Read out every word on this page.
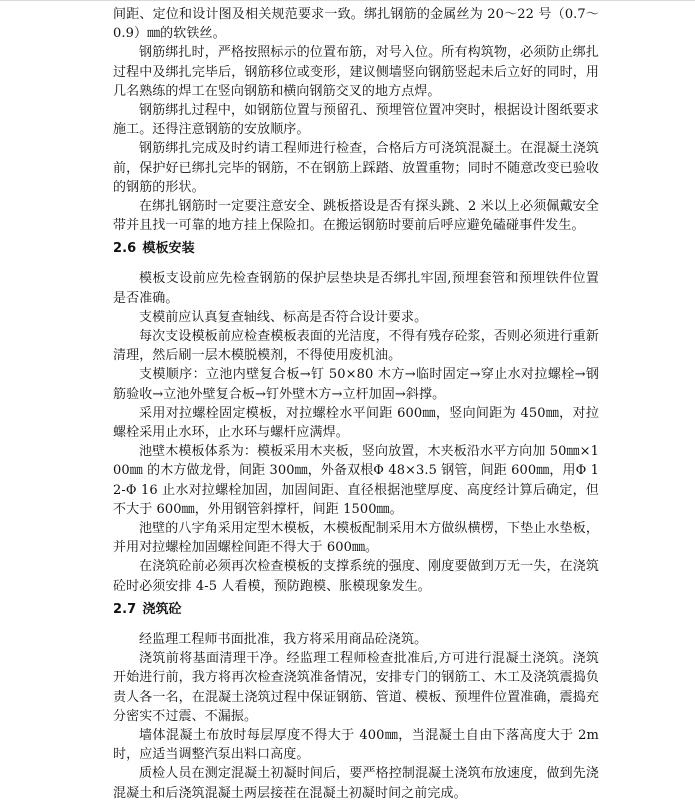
间距、定位和设计图及相关规范要求一致。绑扎钢筋的金属丝为 20～22 号（0.7～0.9）㎜的软铁丝。

钢筋绑扎时，严格按照标示的位置布筋，对号入位。所有构筑物，必须防止绑扎过程中及绑扎完毕后，钢筋移位或变形，建议侧墙竖向钢筋竖起未后立好的同时，用几名熟练的焊工在竖向钢筋和横向钢筋交叉的地方点焊。

钢筋绑扎过程中，如钢筋位置与预留孔、预埋管位置冲突时，根据设计图纸要求施工。还得注意钢筋的安放顺序。

钢筋绑扎完成及时约请工程师进行检查，合格后方可浇筑混凝土。在混凝土浇筑前，保护好已绑扎完毕的钢筋，不在钢筋上踩踏、放置重物；同时不随意改变已验收的钢筋的形状。

在绑扎钢筋时一定要注意安全、跳板搭设是否有探头跳、2 米以上必须佩戴安全带并且找一可靠的地方挂上保险扣。在搬运钢筋时要前后呼应避免磕碰事件发生。

2.6 模板安装

模板支设前应先检查钢筋的保护层垫块是否绑扎牢固,预埋套管和预埋铁件位置是否准确。

支模前应认真复查轴线、标高是否符合设计要求。

每次支设模板前应检查模板表面的光洁度，不得有残存砼浆，否则必须进行重新清理，然后刷一层木模脱模剂，不得使用废机油。

支模顺序：立池内壁复合板→钉 50×80 木方→临时固定→穿止水对拉螺栓→钢筋验收→立池外壁复合板→钉外壁木方→立杆加固→斜撑。

采用对拉螺栓固定模板，对拉螺栓水平间距 600㎜，竖向间距为 450㎜，对拉螺栓采用止水环，止水环与螺杆应满焊。

池壁木模板体系为：模板采用木夹板，竖向放置，木夹板沿水平方向加 50㎜×100㎜ 的木方做龙骨，间距 300㎜，外备双根Φ 48×3.5 钢管，间距 600㎜，用Φ 12-Φ 16 止水对拉螺栓加固，加固间距、直径根据池壁厚度、高度经计算后确定，但不大于 600㎜，外用钢管斜撑杆，间距 1500㎜。

池壁的八字角采用定型木模板，木模板配制采用木方做纵横楞，下垫止水垫板，并用对拉螺栓加固螺栓间距不得大于 600㎜。

在浇筑砼前必须再次检查模板的支撑系统的强度、刚度要做到万无一失，在浇筑砼时必须安排 4-5 人看模，预防跑模、胀模现象发生。

2.7 浇筑砼

经监理工程师书面批准，我方将采用商品砼浇筑。

浇筑前将基面清理干净。经监理工程师检查批准后,方可进行混凝土浇筑。浇筑开始进行前，我方将再次检查浇筑准备情况，安排专门的钢筋工、木工及浇筑震捣负责人各一名，在混凝土浇筑过程中保证钢筋、管道、模板、预埋件位置准确，震捣充分密实不过震、不漏振。

墙体混凝土布放时每层厚度不得大于 400㎜，当混凝土自由下落高度大于 2m 时，应适当调整汽泵出料口高度。

质检人员在测定混凝土初凝时间后，要严格控制混凝土浇筑布放速度，做到先浇混凝土和后浇筑混凝土两层接茬在混凝土初凝时间之前完成。
